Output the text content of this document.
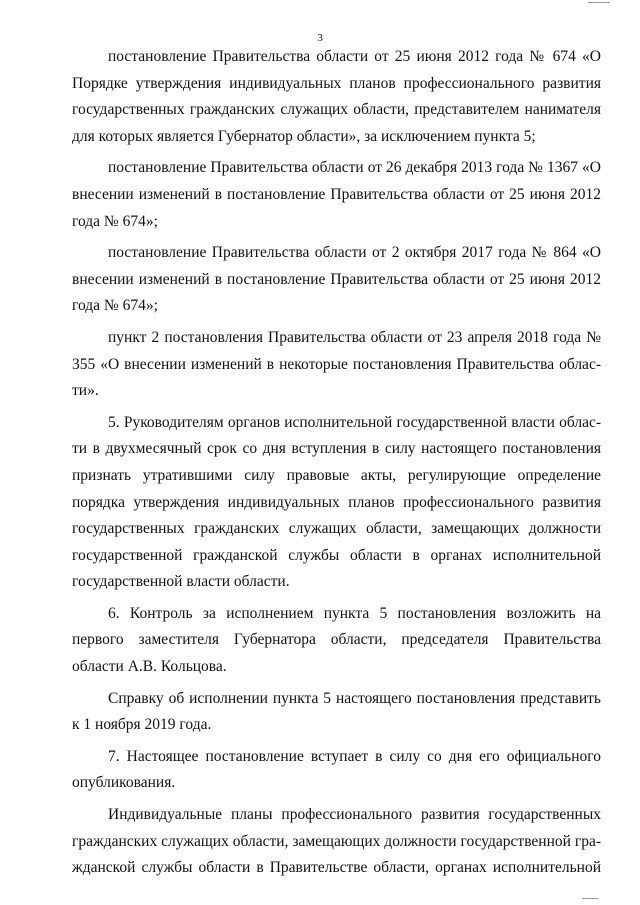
3

постановление Правительства области от 25 июня 2012 года № 674 «О Порядке утверждения индивидуальных планов профессионального развития государственных гражданских служащих области, представителем нанимателя для которых является Губернатор области», за исключением пункта 5;

постановление Правительства области от 26 декабря 2013 года № 1367 «О внесении изменений в постановление Правительства области от 25 июня 2012 года № 674»;

постановление Правительства области от 2 октября 2017 года № 864 «О внесении изменений в постановление Правительства области от 25 июня 2012 года № 674»;

пункт 2 постановления Правительства области от 23 апреля 2018 года № 355 «О внесении изменений в некоторые постановления Правительства области».

5. Руководителям органов исполнительной государственной власти области в двухмесячный срок со дня вступления в силу настоящего постановления признать утратившими силу правовые акты, регулирующие определение порядка утверждения индивидуальных планов профессионального развития государственных гражданских служащих области, замещающих должности государственной гражданской службы области в органах исполнительной государственной власти области.

6. Контроль за исполнением пункта 5 постановления возложить на первого заместителя Губернатора области, председателя Правительства области А.В. Кольцова.

Справку об исполнении пункта 5 настоящего постановления представить к 1 ноября 2019 года.

7. Настоящее постановление вступает в силу со дня его официального опубликования.

Индивидуальные планы профессионального развития государственных гражданских служащих области, замещающих должности государственной гражданской службы области в Правительстве области, органах исполнительной
